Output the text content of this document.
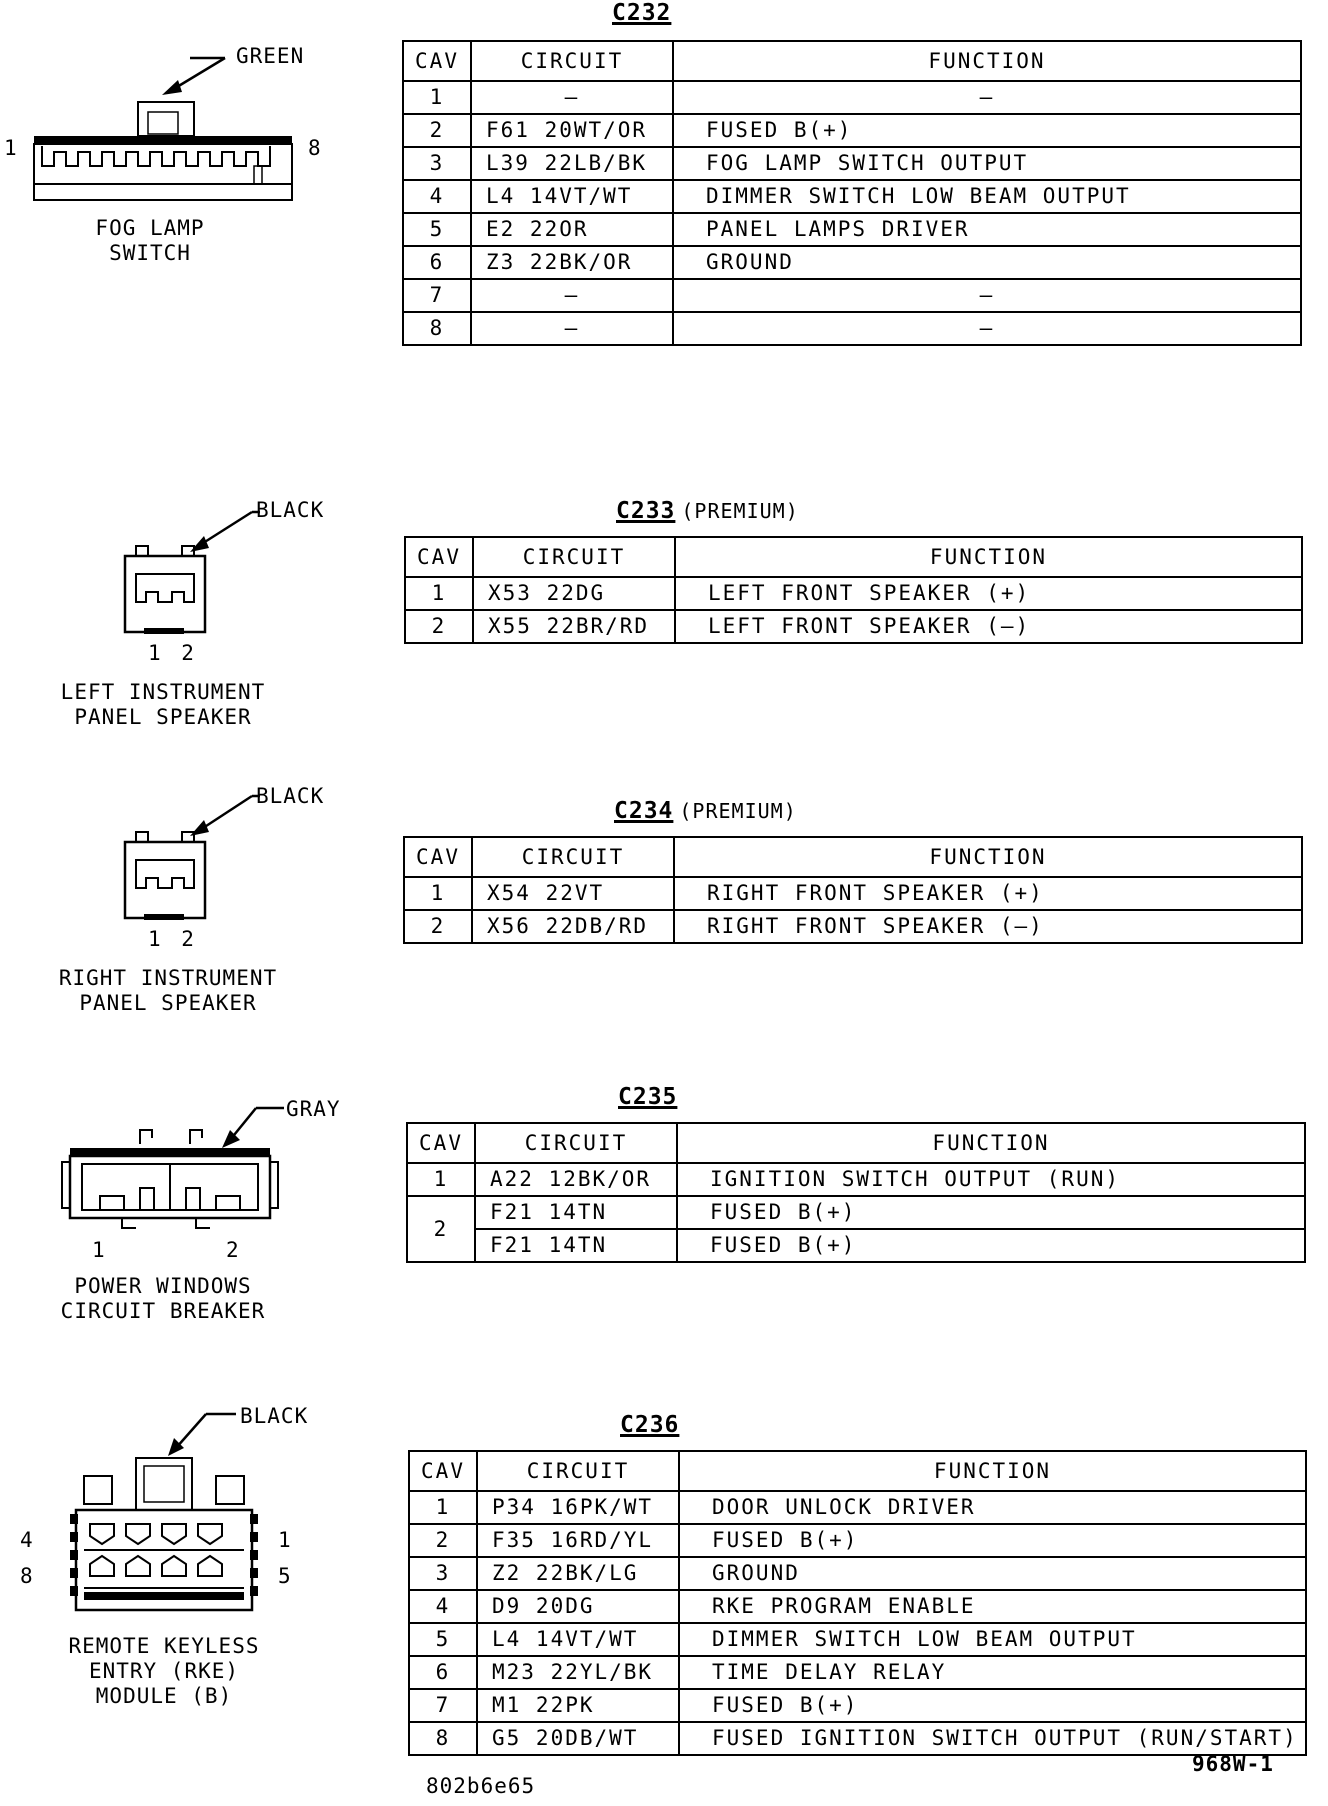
C232
CAV	CIRCUIT	FUNCTION
1	–	–
2	F61 20WT/OR	FUSED B(+)
3	L39 22LB/BK	FOG LAMP SWITCH OUTPUT
4	L4 14VT/WT	DIMMER SWITCH LOW BEAM OUTPUT
5	E2 22OR	PANEL LAMPS DRIVER
6	Z3 22BK/OR	GROUND
7	–	–
8	–	–
GREEN
1	8
FOG LAMP
SWITCH
C233 (PREMIUM)
CAV	CIRCUIT	FUNCTION
1	X53 22DG	LEFT FRONT SPEAKER (+)
2	X55 22BR/RD	LEFT FRONT SPEAKER (–)
BLACK
1 2
LEFT INSTRUMENT
PANEL SPEAKER
C234 (PREMIUM)
CAV	CIRCUIT	FUNCTION
1	X54 22VT	RIGHT FRONT SPEAKER (+)
2	X56 22DB/RD	RIGHT FRONT SPEAKER (–)
BLACK
1 2
RIGHT INSTRUMENT
PANEL SPEAKER
C235
CAV	CIRCUIT	FUNCTION
1	A22 12BK/OR	IGNITION SWITCH OUTPUT (RUN)
2	F21 14TN	FUSED B(+)
	F21 14TN	FUSED B(+)
GRAY
1	2
POWER WINDOWS
CIRCUIT BREAKER
C236
CAV	CIRCUIT	FUNCTION
1	P34 16PK/WT	DOOR UNLOCK DRIVER
2	F35 16RD/YL	FUSED B(+)
3	Z2 22BK/LG	GROUND
4	D9 20DG	RKE PROGRAM ENABLE
5	L4 14VT/WT	DIMMER SWITCH LOW BEAM OUTPUT
6	M23 22YL/BK	TIME DELAY RELAY
7	M1 22PK	FUSED B(+)
8	G5 20DB/WT	FUSED IGNITION SWITCH OUTPUT (RUN/START)
BLACK
4	1
8	5
REMOTE KEYLESS
ENTRY (RKE)
MODULE (B)
802b6e65
968W-1
